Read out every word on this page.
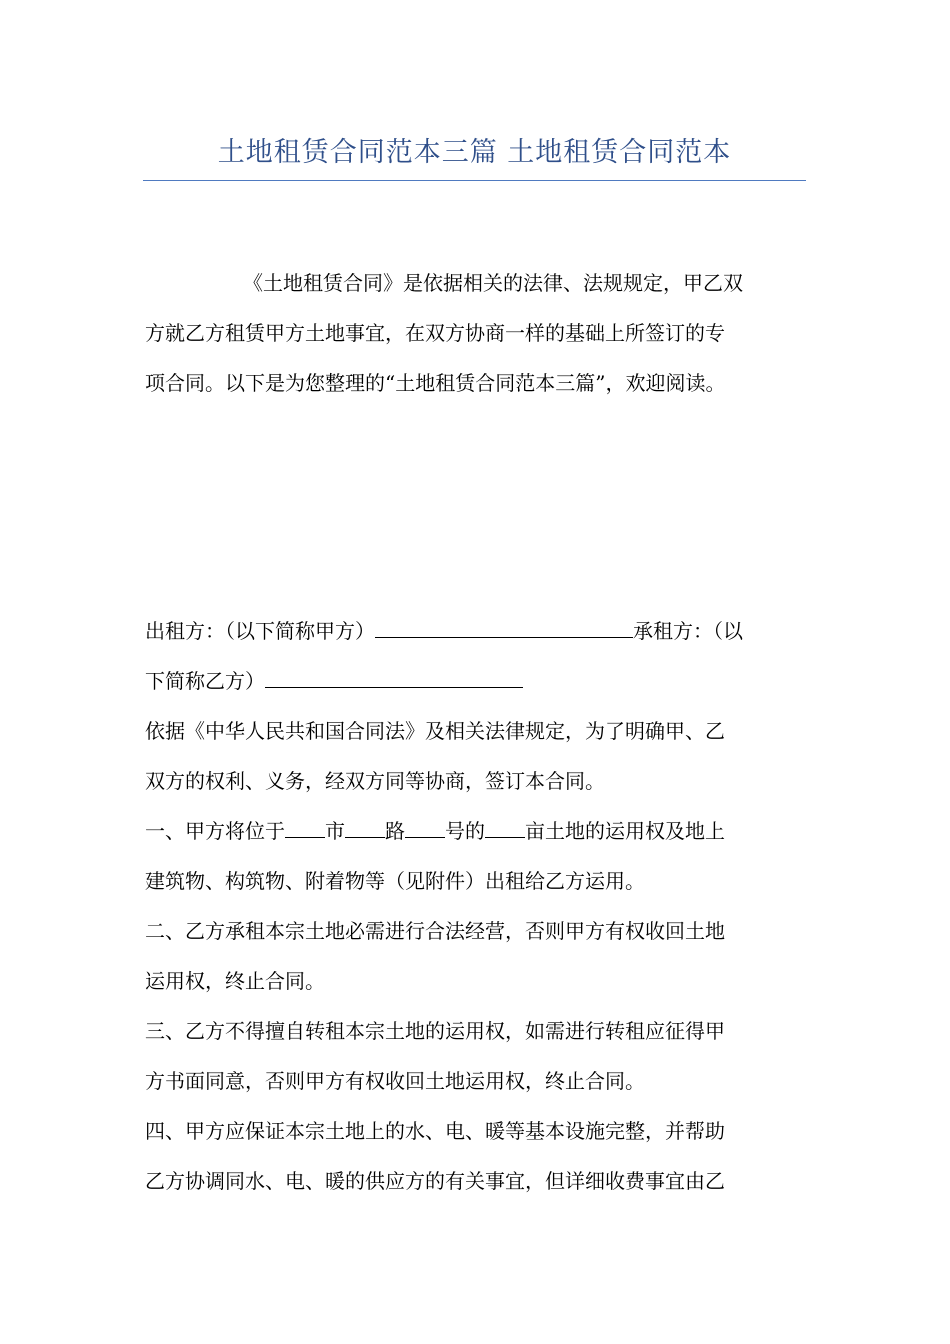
土地租赁合同范本三篇 土地租赁合同范本
《土地租赁合同》是依据相关的法律、法规规定，甲乙双
方就乙方租赁甲方土地事宜，在双方协商一样的基础上所签订的专
项合同。以下是为您整理的“土地租赁合同范本三篇”，欢迎阅读。
出租方：（以下简称甲方）	承租方：（以
下简称乙方）
依据《中华人民共和国合同法》及相关法律规定，为了明确甲、乙
双方的权利、义务，经双方同等协商，签订本合同。
一、甲方将位于 市 路 号的 亩土地的运用权及地上
建筑物、构筑物、附着物等（见附件）出租给乙方运用。
二、乙方承租本宗土地必需进行合法经营，否则甲方有权收回土地
运用权，终止合同。
三、乙方不得擅自转租本宗土地的运用权，如需进行转租应征得甲
方书面同意，否则甲方有权收回土地运用权，终止合同。
四、甲方应保证本宗土地上的水、电、暖等基本设施完整，并帮助
乙方协调同水、电、暖的供应方的有关事宜，但详细收费事宜由乙
